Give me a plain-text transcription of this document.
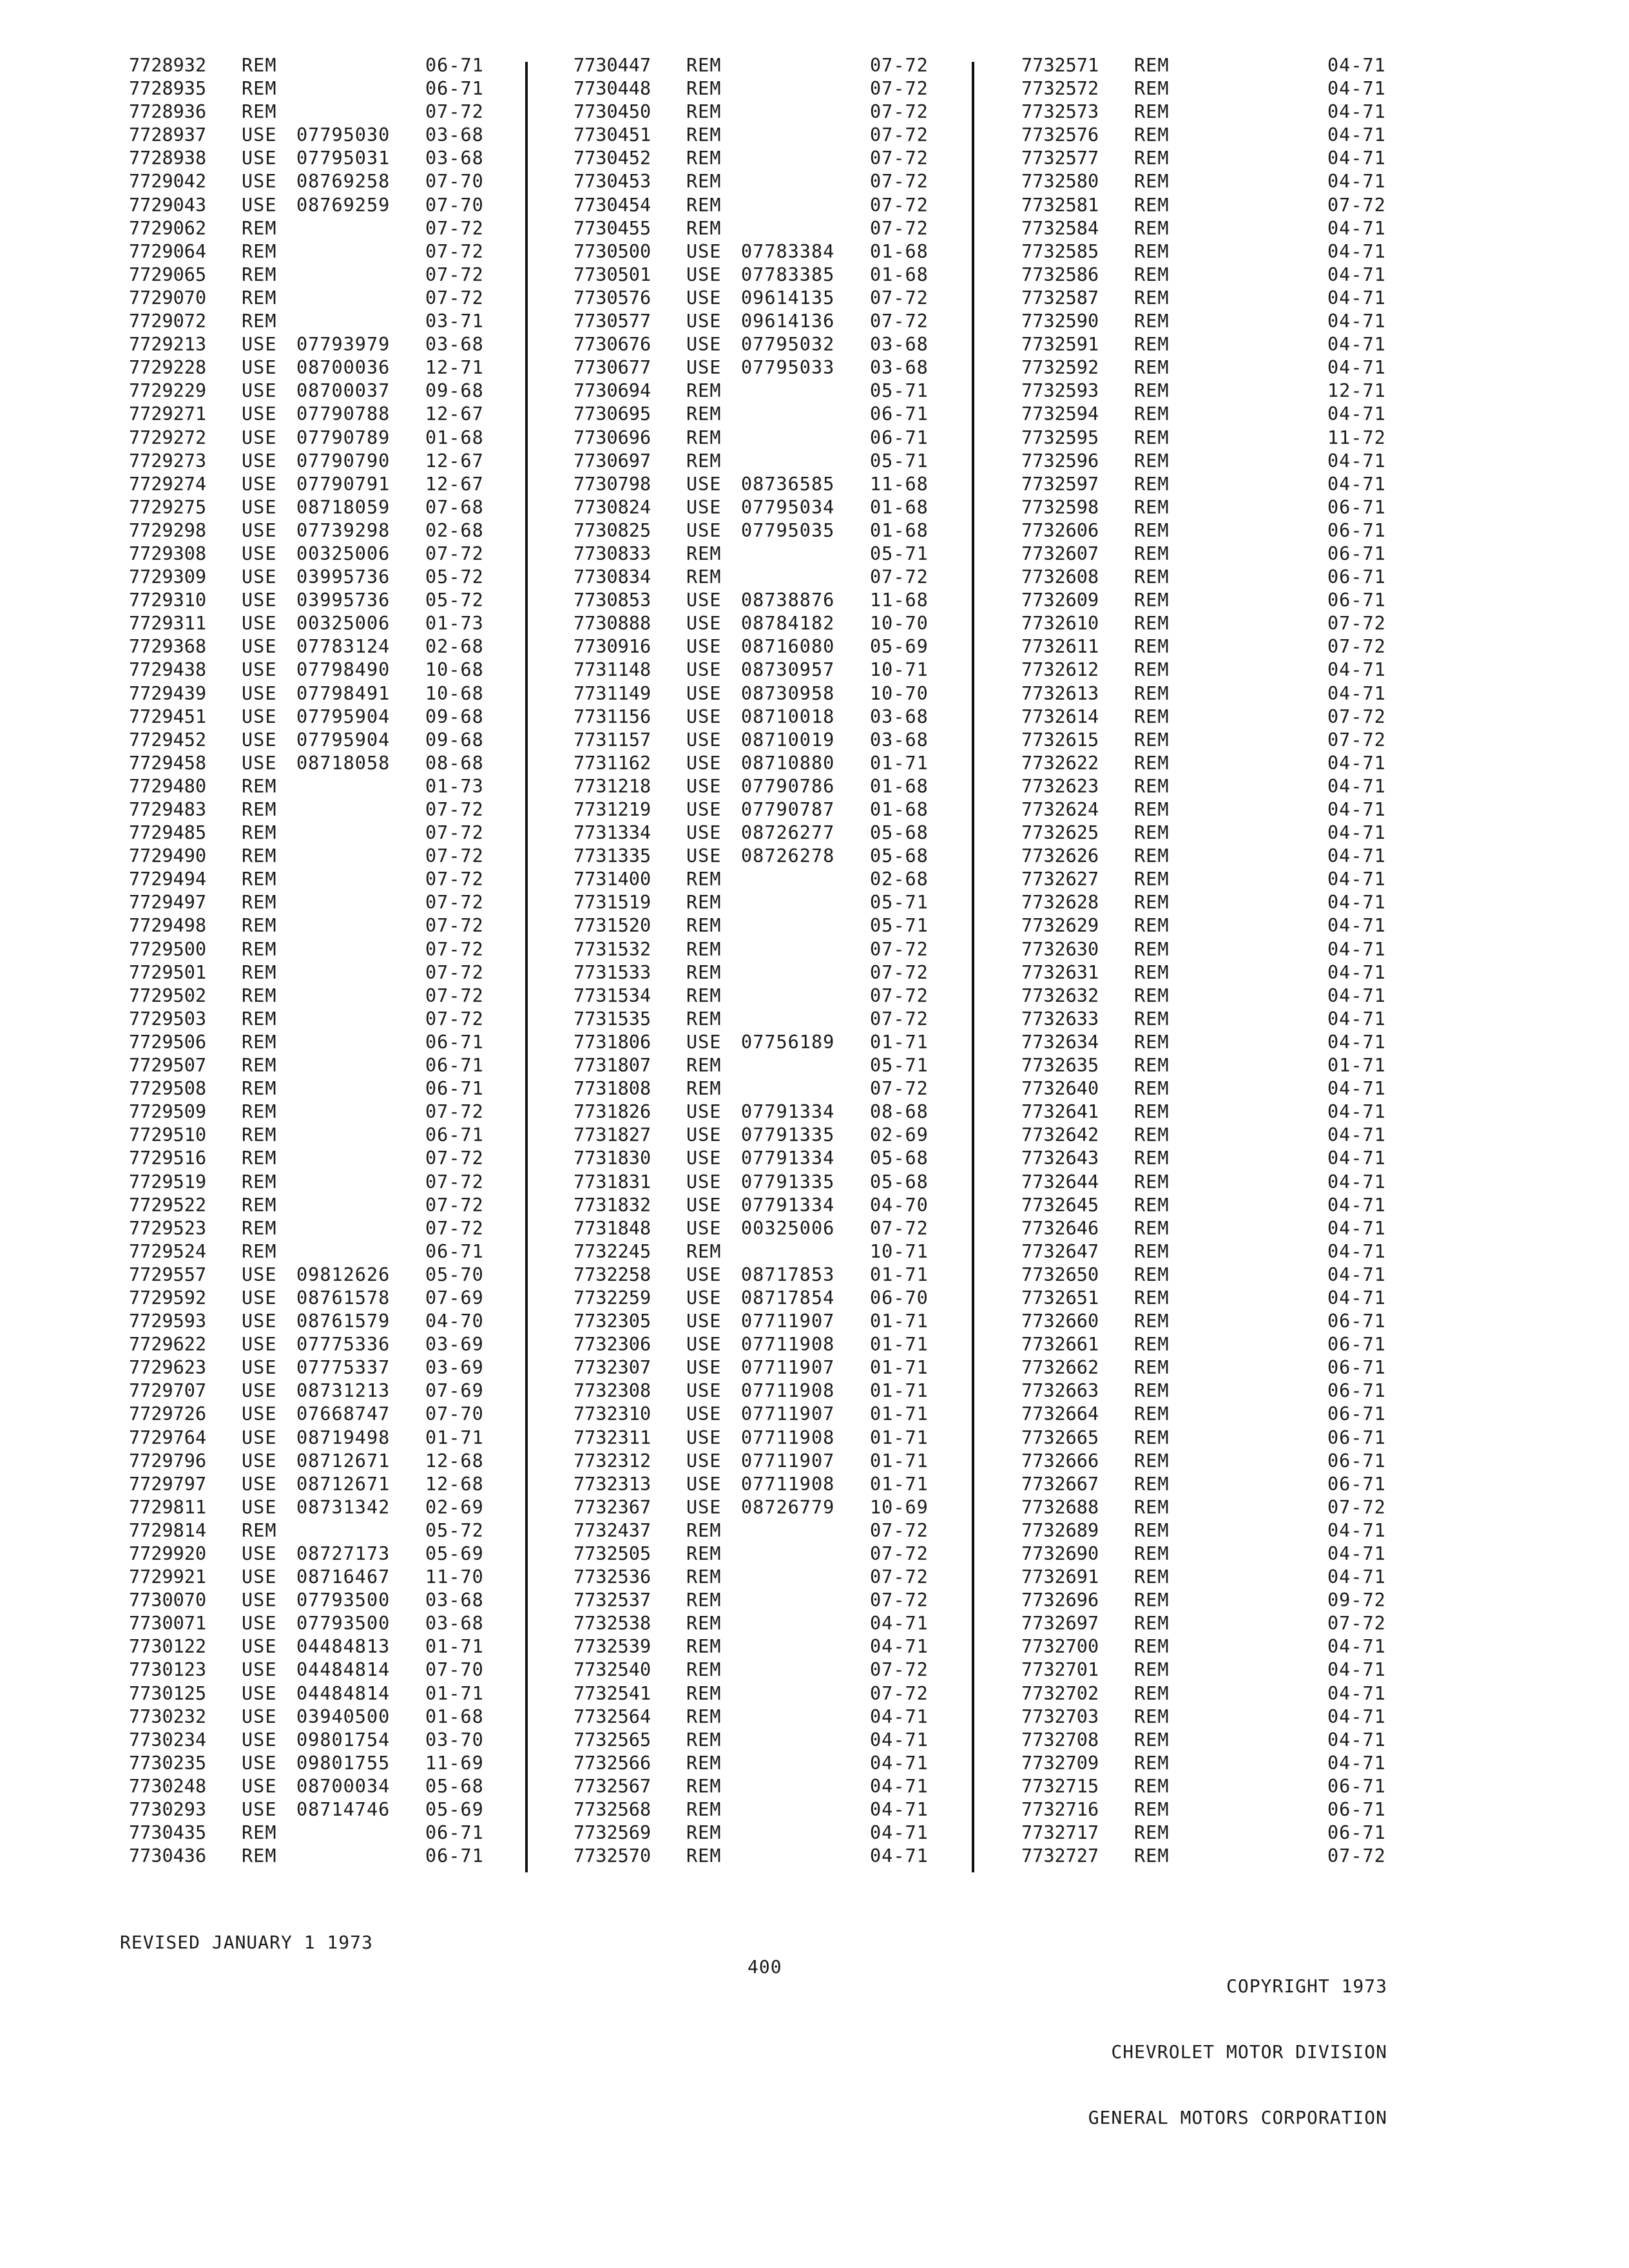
7728932 REM	06-71
7728935 REM	06-71
7728936 REM	07-72
7728937 USE 07795030 03-68
7728938 USE 07795031 03-68
7729042 USE 08769258 07-70
7729043 USE 08769259 07-70
7729062 REM	07-72
7729064 REM	07-72
7729065 REM	07-72
7729070 REM	07-72
7729072 REM	03-71
7729213 USE 07793979 03-68
7729228 USE 08700036 12-71
7729229 USE 08700037 09-68
7729271 USE 07790788 12-67
7729272 USE 07790789 01-68
7729273 USE 07790790 12-67
7729274 USE 07790791 12-67
7729275 USE 08718059 07-68
7729298 USE 07739298 02-68
7729308 USE 00325006 07-72
7729309 USE 03995736 05-72
7729310 USE 03995736 05-72
7729311 USE 00325006 01-73
7729368 USE 07783124 02-68
7729438 USE 07798490 10-68
7729439 USE 07798491 10-68
7729451 USE 07795904 09-68
7729452 USE 07795904 09-68
7729458 USE 08718058 08-68
7729480 REM	01-73
7729483 REM	07-72
7729485 REM	07-72
7729490 REM	07-72
7729494 REM	07-72
7729497 REM	07-72
7729498 REM	07-72
7729500 REM	07-72
7729501 REM	07-72
7729502 REM	07-72
7729503 REM	07-72
7729506 REM	06-71
7729507 REM	06-71
7729508 REM	06-71
7729509 REM	07-72
7729510 REM	06-71
7729516 REM	07-72
7729519 REM	07-72
7729522 REM	07-72
7729523 REM	07-72
7729524 REM	06-71
7729557 USE 09812626 05-70
7729592 USE 08761578 07-69
7729593 USE 08761579 04-70
7729622 USE 07775336 03-69
7729623 USE 07775337 03-69
7729707 USE 08731213 07-69
7729726 USE 07668747 07-70
7729764 USE 08719498 01-71
7729796 USE 08712671 12-68
7729797 USE 08712671 12-68
7729811 USE 08731342 02-69
7729814 REM	05-72
7729920 USE 08727173 05-69
7729921 USE 08716467 11-70
7730070 USE 07793500 03-68
7730071 USE 07793500 03-68
7730122 USE 04484813 01-71
7730123 USE 04484814 07-70
7730125 USE 04484814 01-71
7730232 USE 03940500 01-68
7730234 USE 09801754 03-70
7730235 USE 09801755 11-69
7730248 USE 08700034 05-68
7730293 USE 08714746 05-69
7730435 REM	06-71
7730436 REM	06-71
7730447 REM	07-72
7730448 REM	07-72
7730450 REM	07-72
7730451 REM	07-72
7730452 REM	07-72
7730453 REM	07-72
7730454 REM	07-72
7730455 REM	07-72
7730500 USE 07783384 01-68
7730501 USE 07783385 01-68
7730576 USE 09614135 07-72
7730577 USE 09614136 07-72
7730676 USE 07795032 03-68
7730677 USE 07795033 03-68
7730694 REM	05-71
7730695 REM	06-71
7730696 REM	06-71
7730697 REM	05-71
7730798 USE 08736585 11-68
7730824 USE 07795034 01-68
7730825 USE 07795035 01-68
7730833 REM	05-71
7730834 REM	07-72
7730853 USE 08738876 11-68
7730888 USE 08784182 10-70
7730916 USE 08716080 05-69
7731148 USE 08730957 10-71
7731149 USE 08730958 10-70
7731156 USE 08710018 03-68
7731157 USE 08710019 03-68
7731162 USE 08710880 01-71
7731218 USE 07790786 01-68
7731219 USE 07790787 01-68
7731334 USE 08726277 05-68
7731335 USE 08726278 05-68
7731400 REM	02-68
7731519 REM	05-71
7731520 REM	05-71
7731532 REM	07-72
7731533 REM	07-72
7731534 REM	07-72
7731535 REM	07-72
7731806 USE 07756189 01-71
7731807 REM	05-71
7731808 REM	07-72
7731826 USE 07791334 08-68
7731827 USE 07791335 02-69
7731830 USE 07791334 05-68
7731831 USE 07791335 05-68
7731832 USE 07791334 04-70
7731848 USE 00325006 07-72
7732245 REM	10-71
7732258 USE 08717853 01-71
7732259 USE 08717854 06-70
7732305 USE 07711907 01-71
7732306 USE 07711908 01-71
7732307 USE 07711907 01-71
7732308 USE 07711908 01-71
7732310 USE 07711907 01-71
7732311 USE 07711908 01-71
7732312 USE 07711907 01-71
7732313 USE 07711908 01-71
7732367 USE 08726779 10-69
7732437 REM	07-72
7732505 REM	07-72
7732536 REM	07-72
7732537 REM	07-72
7732538 REM	04-71
7732539 REM	04-71
7732540 REM	07-72
7732541 REM	07-72
7732564 REM	04-71
7732565 REM	04-71
7732566 REM	04-71
7732567 REM	04-71
7732568 REM	04-71
7732569 REM	04-71
7732570 REM	04-71
7732571 REM	04-71
7732572 REM	04-71
7732573 REM	04-71
7732576 REM	04-71
7732577 REM	04-71
7732580 REM	04-71
7732581 REM	07-72
7732584 REM	04-71
7732585 REM	04-71
7732586 REM	04-71
7732587 REM	04-71
7732590 REM	04-71
7732591 REM	04-71
7732592 REM	04-71
7732593 REM	12-71
7732594 REM	04-71
7732595 REM	11-72
7732596 REM	04-71
7732597 REM	04-71
7732598 REM	06-71
7732606 REM	06-71
7732607 REM	06-71
7732608 REM	06-71
7732609 REM	06-71
7732610 REM	07-72
7732611 REM	07-72
7732612 REM	04-71
7732613 REM	04-71
7732614 REM	07-72
7732615 REM	07-72
7732622 REM	04-71
7732623 REM	04-71
7732624 REM	04-71
7732625 REM	04-71
7732626 REM	04-71
7732627 REM	04-71
7732628 REM	04-71
7732629 REM	04-71
7732630 REM	04-71
7732631 REM	04-71
7732632 REM	04-71
7732633 REM	04-71
7732634 REM	04-71
7732635 REM	01-71
7732640 REM	04-71
7732641 REM	04-71
7732642 REM	04-71
7732643 REM	04-71
7732644 REM	04-71
7732645 REM	04-71
7732646 REM	04-71
7732647 REM	04-71
7732650 REM	04-71
7732651 REM	04-71
7732660 REM	06-71
7732661 REM	06-71
7732662 REM	06-71
7732663 REM	06-71
7732664 REM	06-71
7732665 REM	06-71
7732666 REM	06-71
7732667 REM	06-71
7732688 REM	07-72
7732689 REM	04-71
7732690 REM	04-71
7732691 REM	04-71
7732696 REM	09-72
7732697 REM	07-72
7732700 REM	04-71
7732701 REM	04-71
7732702 REM	04-71
7732703 REM	04-71
7732708 REM	04-71
7732709 REM	04-71
7732715 REM	06-71
7732716 REM	06-71
7732717 REM	06-71
7732727 REM	07-72
REVISED JANUARY 1 1973
400

COPYRIGHT 1973

CHEVROLET MOTOR DIVISION

GENERAL MOTORS CORPORATION
